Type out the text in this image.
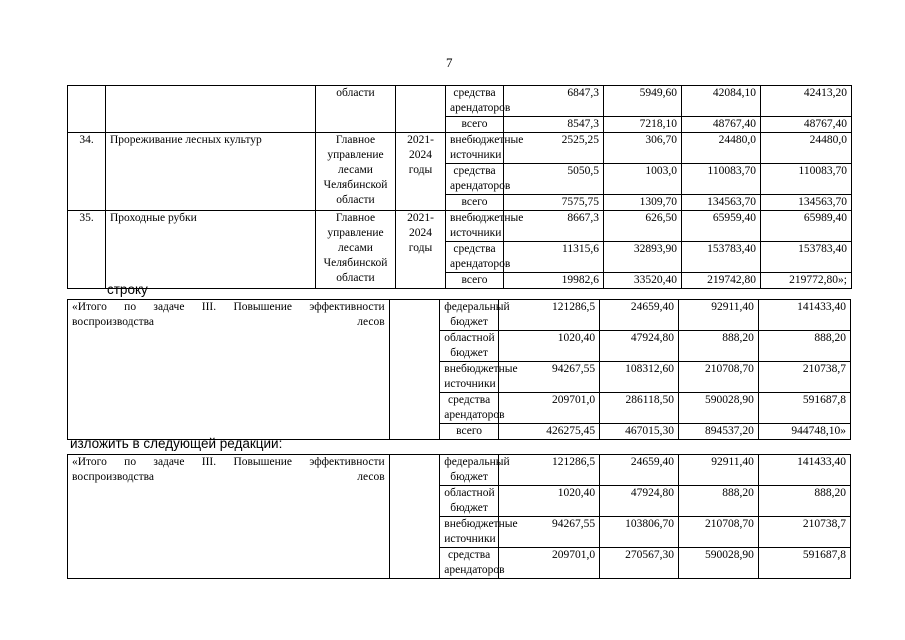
7
		области		средства арендаторов	6847,3	5949,60	42084,10	42413,20
				всего	8547,3	7218,10	48767,40	48767,40
34.	Прореживание лесных культур	Главное управление лесами Челябинской области	2021-2024 годы	внебюджетные источники	2525,25	306,70	24480,0	24480,0
				средства арендаторов	5050,5	1003,0	110083,70	110083,70
				всего	7575,75	1309,70	134563,70	134563,70
35.	Проходные рубки	Главное управление лесами Челябинской области	2021-2024 годы	внебюджетные источники	8667,3	626,50	65959,40	65989,40
				средства арендаторов	11315,6	32893,90	153783,40	153783,40
				всего	19982,6	33520,40	219742,80	219772,80»;
строку
«Итого по задаче III. Повышение эффективности воспроизводства лесов		федеральный бюджет	121286,5	24659,40	92911,40	141433,40
		областной бюджет	1020,40	47924,80	888,20	888,20
		внебюджетные источники	94267,55	108312,60	210708,70	210738,7
		средства арендаторов	209701,0	286118,50	590028,90	591687,8
		всего	426275,45	467015,30	894537,20	944748,10»
изложить в следующей редакции:
«Итого по задаче III. Повышение эффективности воспроизводства лесов		федеральный бюджет	121286,5	24659,40	92911,40	141433,40
		областной бюджет	1020,40	47924,80	888,20	888,20
		внебюджетные источники	94267,55	103806,70	210708,70	210738,7
		средства арендаторов	209701,0	270567,30	590028,90	591687,8
